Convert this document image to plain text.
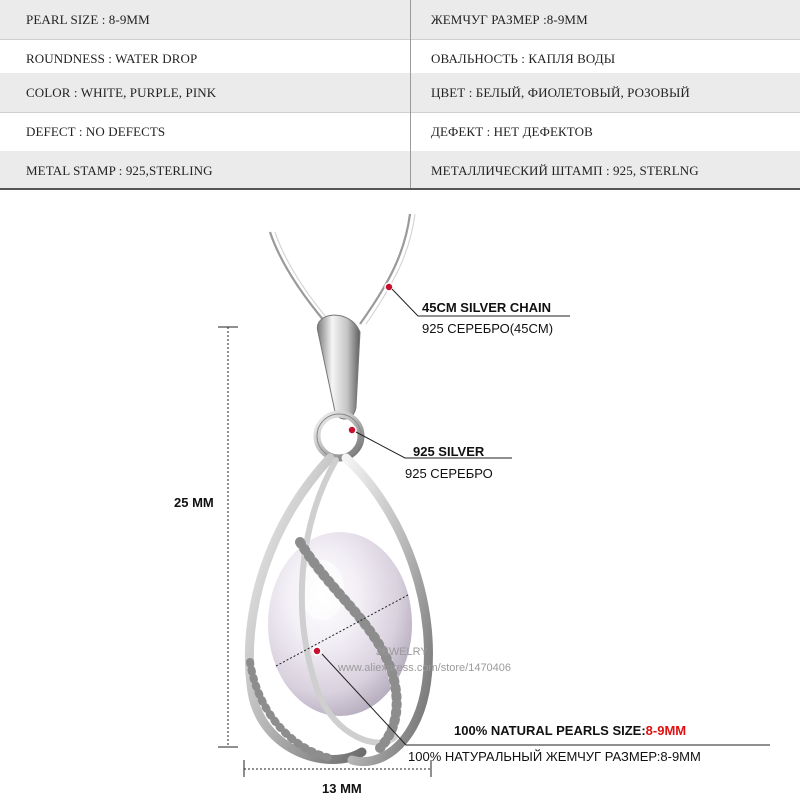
PEARL SIZE : 8-9MM	ЖЕМЧУГ РАЗМЕР :8-9MM
ROUNDNESS : WATER DROP	ОВАЛЬНОСТЬ : КАПЛЯ ВОДЫ
COLOR : WHITE, PURPLE, PINK	ЦВЕТ : БЕЛЫЙ, ФИОЛЕТОВЫЙ, РОЗОВЫЙ
DEFECT : NO DEFECTS	ДЕФЕКТ : НЕТ ДЕФЕКТОВ
METAL STAMP : 925,STERLING	МЕТАЛЛИЧЕСКИЙ ШТАМП : 925, STERLNG
45CM SILVER CHAIN
925 СЕРЕБРО(45CM)
925 SILVER
925 СЕРЕБРО
25 MM
13 MM
100% NATURAL PEARLS SIZE:8-9MM
100% НАТУРАЛЬНЫЙ ЖЕМЧУГ РАЗМЕР:8-9MM
JEWELRY
www.aliexpress.com/store/1470406
